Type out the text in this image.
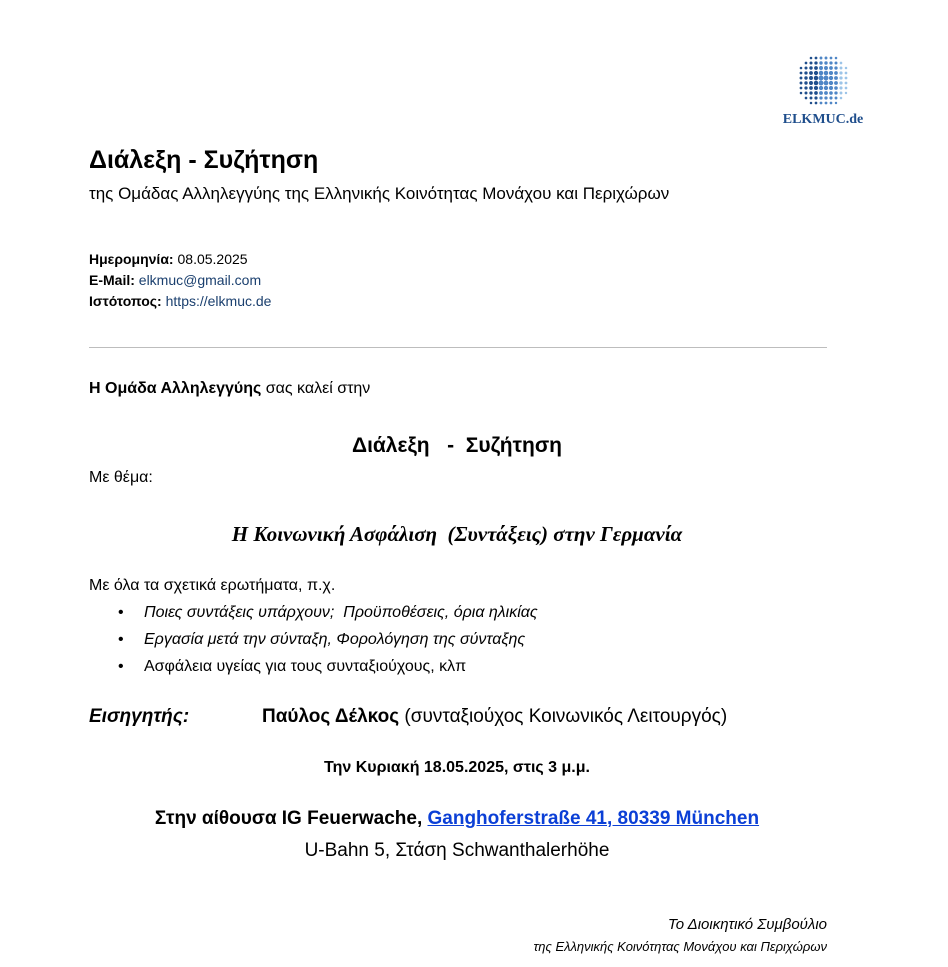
ELKMUC.de
Διάλεξη - Συζήτηση
της Ομάδας Αλληλεγγύης της Ελληνικής Κοινότητας Μονάχου και Περιχώρων
Ημερομηνία: 08.05.2025
E-Mail: elkmuc@gmail.com
Ιστότοπος: https://elkmuc.de
Η Ομάδα Αλληλεγγύης σας καλεί στην
Διάλεξη   -  Συζήτηση
Με θέμα:
Η Κοινωνική Ασφάλιση  (Συντάξεις) στην Γερμανία
Με όλα τα σχετικά ερωτήματα, π.χ.
• Ποιες συντάξεις υπάρχουν;  Προϋποθέσεις, όρια ηλικίας
• Εργασία μετά την σύνταξη, Φορολόγηση της σύνταξης
• Ασφάλεια υγείας για τους συνταξιούχους, κλπ
Εισηγητής:	Παύλος Δέλκος (συνταξιούχος Κοινωνικός Λειτουργός)
Την Κυριακή 18.05.2025, στις 3 μ.μ.
Στην αίθουσα IG Feuerwache, Ganghoferstraße 41, 80339 München
U-Bahn 5, Στάση Schwanthalerhöhe
Το Διοικητικό Συμβούλιο
της Ελληνικής Κοινότητας Μονάχου και Περιχώρων
